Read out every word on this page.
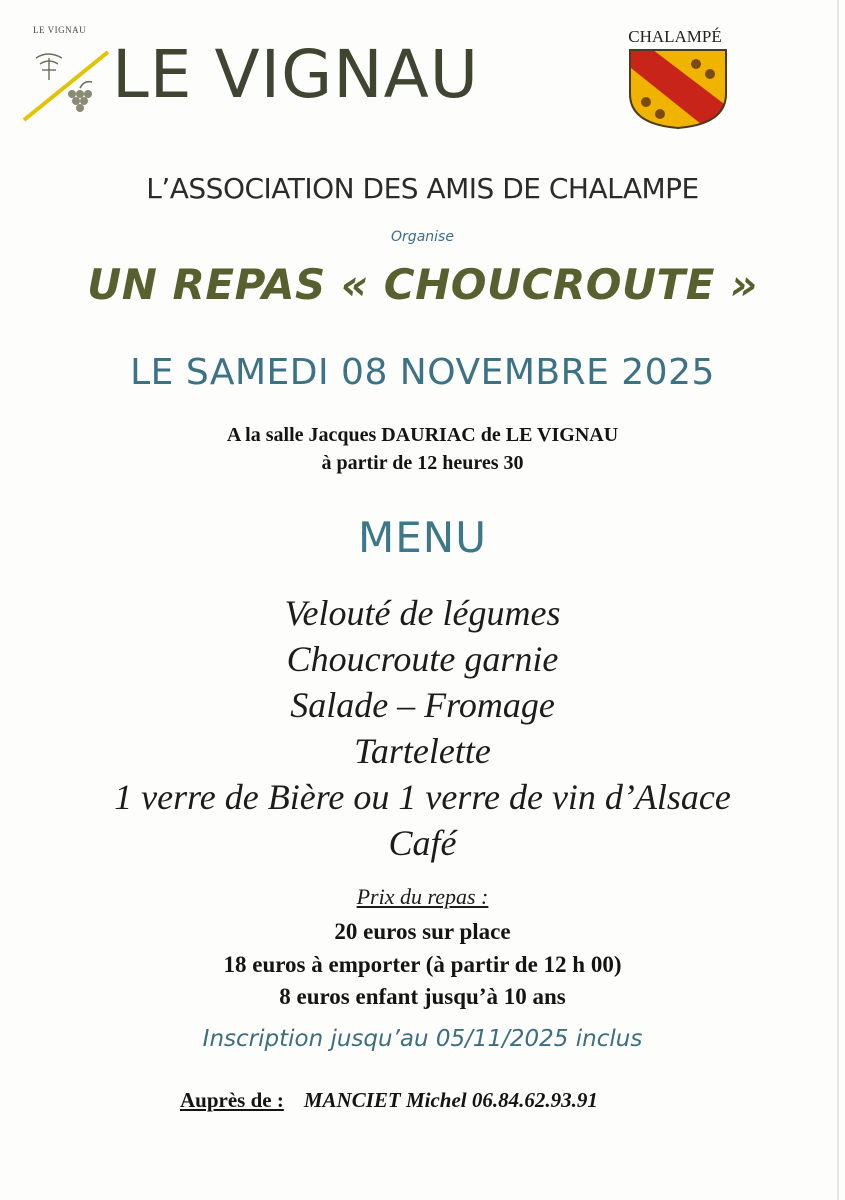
LE VIGNAU
LE VIGNAU	CHALAMPÉ
L’ASSOCIATION DES AMIS DE CHALAMPE
Organise
UN REPAS « CHOUCROUTE »
LE SAMEDI 08 NOVEMBRE 2025
A la salle Jacques DAURIAC de LE VIGNAU
à partir de 12 heures 30
MENU
Velouté de légumes
Choucroute garnie
Salade – Fromage
Tartelette
1 verre de Bière ou 1 verre de vin d’Alsace
Café
Prix du repas :
20 euros sur place
18 euros à emporter (à partir de 12 h 00)
8 euros enfant jusqu’à 10 ans
Inscription jusqu’au 05/11/2025 inclus
Auprès de : MANCIET Michel 06.84.62.93.91
